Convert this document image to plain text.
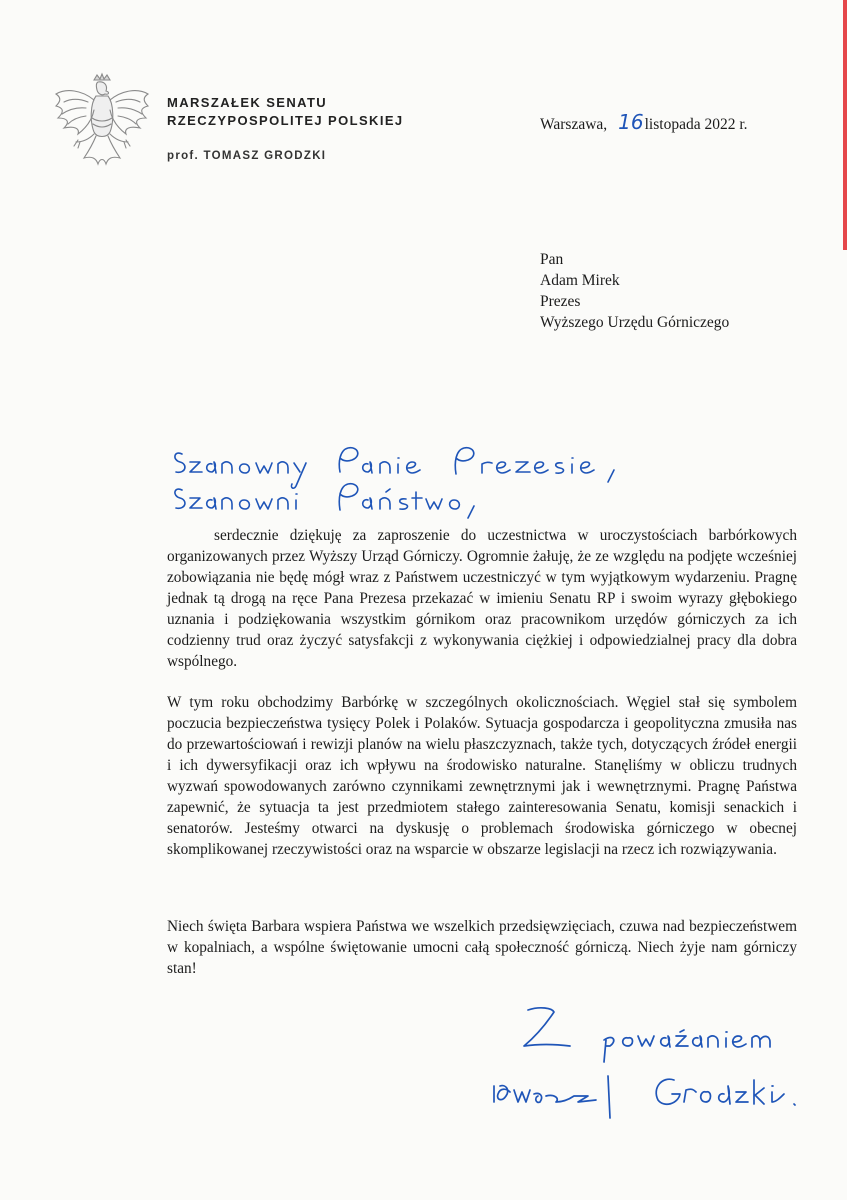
MARSZAŁEK SENATU
RZECZYPOSPOLITEJ POLSKIEJ
prof. TOMASZ GRODZKI
Warszawa, 16 listopada 2022 r.
Pan
Adam Mirek
Prezes
Wyższego Urzędu Górniczego

serdecznie dziękuję za zaproszenie do uczestnictwa w uroczystościach barbórkowych organizowanych przez Wyższy Urząd Górniczy. Ogromnie żałuję, że ze względu na podjęte wcześniej zobowiązania nie będę mógł wraz z Państwem uczestniczyć w tym wyjątkowym wydarzeniu. Pragnę jednak tą drogą na ręce Pana Prezesa przekazać w imieniu Senatu RP i swoim wyrazy głębokiego uznania i podziękowania wszystkim górnikom oraz pracownikom urzędów górniczych za ich codzienny trud oraz życzyć satysfakcji z wykonywania ciężkiej i odpowiedzialnej pracy dla dobra wspólnego.

W tym roku obchodzimy Barbórkę w szczególnych okolicznościach. Węgiel stał się symbolem poczucia bezpieczeństwa tysięcy Polek i Polaków. Sytuacja gospodarcza i geopolityczna zmusiła nas do przewartościowań i rewizji planów na wielu płaszczyznach, także tych, dotyczących źródeł energii i ich dywersyfikacji oraz ich wpływu na środowisko naturalne. Stanęliśmy w obliczu trudnych wyzwań spowodowanych zarówno czynnikami zewnętrznymi jak i wewnętrznymi. Pragnę Państwa zapewnić, że sytuacja ta jest przedmiotem stałego zainteresowania Senatu, komisji senackich i senatorów. Jesteśmy otwarci na dyskusję o problemach środowiska górniczego w obecnej skomplikowanej rzeczywistości oraz na wsparcie w obszarze legislacji na rzecz ich rozwiązywania.

Niech święta Barbara wspiera Państwa we wszelkich przedsięwzięciach, czuwa nad bezpieczeństwem w kopalniach, a wspólne świętowanie umocni całą społeczność górniczą. Niech żyje nam górniczy stan!
